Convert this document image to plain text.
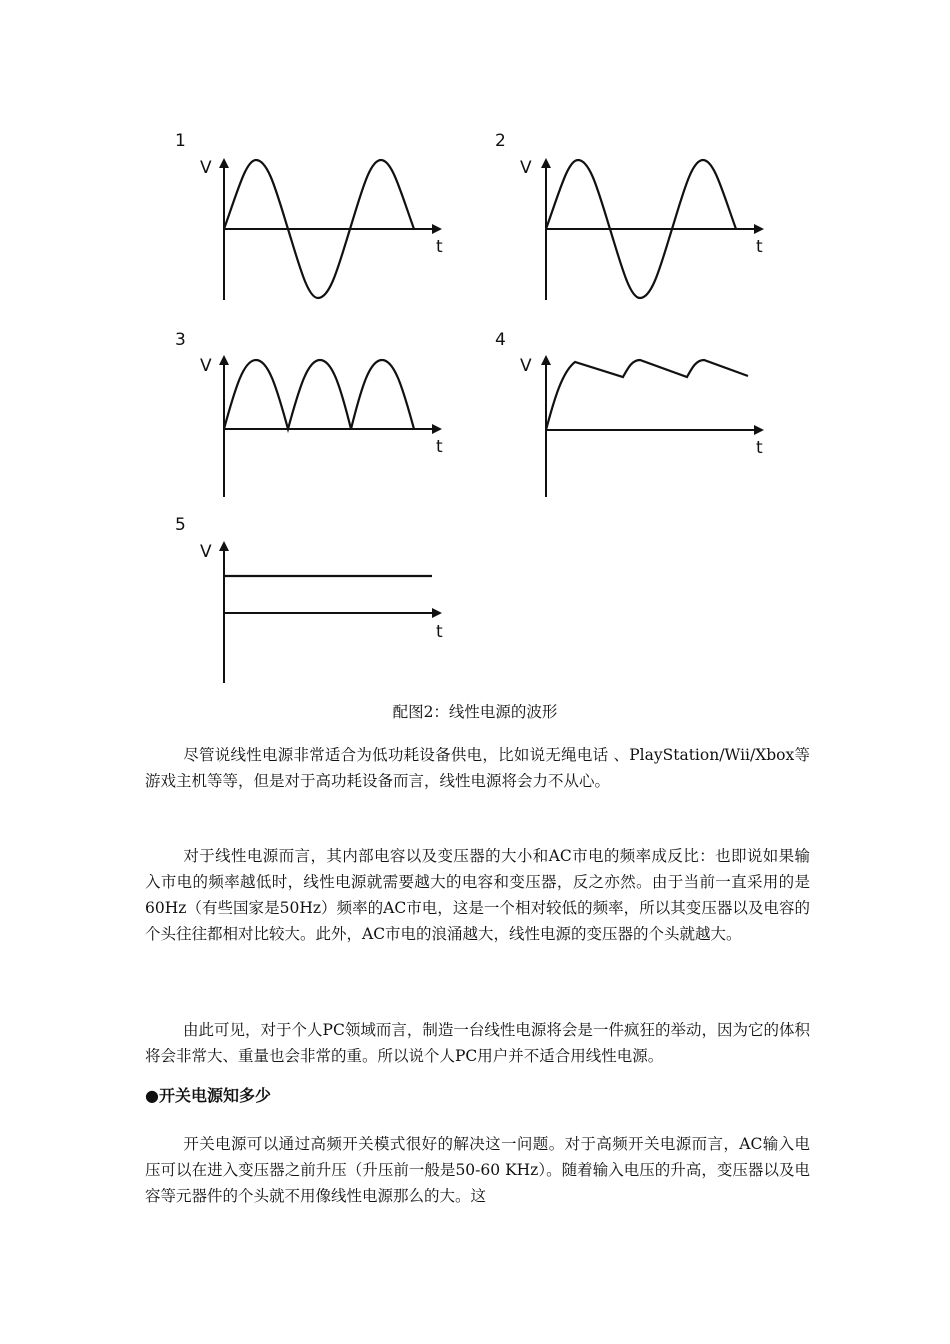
1
V
t
2
V
t
3
V
t
4
V
t
5
V
t
配图2：线性电源的波形

尽管说线性电源非常适合为低功耗设备供电，比如说无绳电话 、PlayStation/Wii/Xbox等游戏主机等等，但是对于高功耗设备而言，线性电源将会力不从心。

对于线性电源而言，其内部电容以及变压器的大小和AC市电的频率成反比：也即说如果输入市电的频率越低时，线性电源就需要越大的电容和变压器，反之亦然。由于当前一直采用的是60Hz（有些国家是50Hz）频率的AC市电，这是一个相对较低的频率，所以其变压器以及电容的个头往往都相对比较大。此外，AC市电的浪涌越大，线性电源的变压器的个头就越大。

由此可见，对于个人PC领域而言，制造一台线性电源将会是一件疯狂的举动，因为它的体积将会非常大、重量也会非常的重。所以说个人PC用户并不适合用线性电源。

●开关电源知多少

开关电源可以通过高频开关模式很好的解决这一问题。对于高频开关电源而言，AC输入电压可以在进入变压器之前升压（升压前一般是50-60 KHz）。随着输入电压的升高，变压器以及电容等元器件的个头就不用像线性电源那么的大。这
